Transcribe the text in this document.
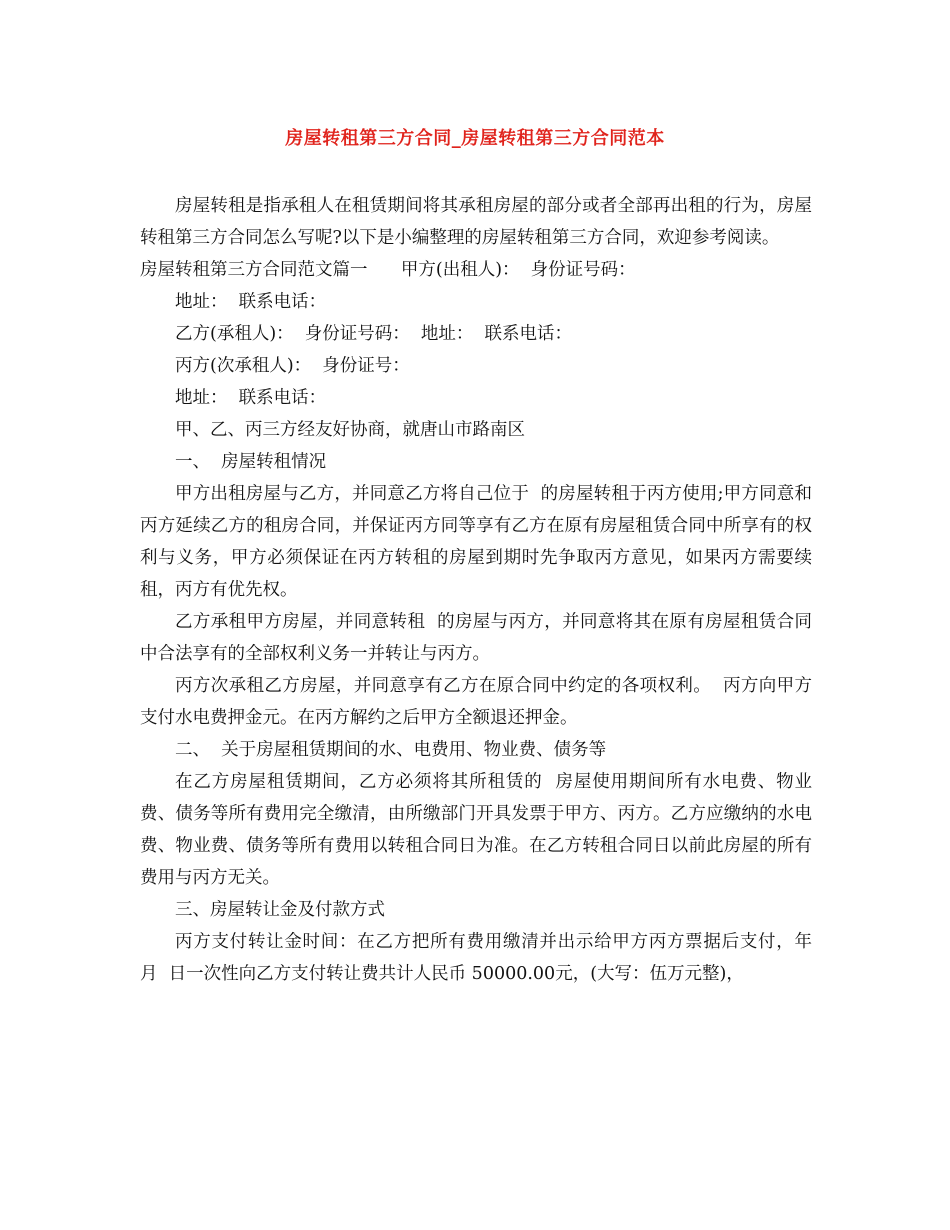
房屋转租第三方合同_房屋转租第三方合同范本

房屋转租是指承租人在租赁期间将其承租房屋的部分或者全部再出租的行为，房屋转租第三方合同怎么写呢?以下是小编整理的房屋转租第三方合同，欢迎参考阅读。

房屋转租第三方合同范文篇一      甲方(出租人)：  身份证号码：

地址：  联系电话：

乙方(承租人)：  身份证号码：  地址：  联系电话：

丙方(次承租人)：  身份证号：

地址：  联系电话：

甲、乙、丙三方经友好协商，就唐山市路南区

一、  房屋转租情况

甲方出租房屋与乙方，并同意乙方将自己位于  的房屋转租于丙方使用;甲方同意和丙方延续乙方的租房合同，并保证丙方同等享有乙方在原有房屋租赁合同中所享有的权利与义务，甲方必须保证在丙方转租的房屋到期时先争取丙方意见，如果丙方需要续租，丙方有优先权。

乙方承租甲方房屋，并同意转租  的房屋与丙方，并同意将其在原有房屋租赁合同中合法享有的全部权利义务一并转让与丙方。

丙方次承租乙方房屋，并同意享有乙方在原合同中约定的各项权利。  丙方向甲方支付水电费押金元。在丙方解约之后甲方全额退还押金。

二、  关于房屋租赁期间的水、电费用、物业费、债务等

在乙方房屋租赁期间，乙方必须将其所租赁的  房屋使用期间所有水电费、物业费、债务等所有费用完全缴清，由所缴部门开具发票于甲方、丙方。乙方应缴纳的水电费、物业费、债务等所有费用以转租合同日为准。在乙方转租合同日以前此房屋的所有费用与丙方无关。

三、房屋转让金及付款方式

丙方支付转让金时间：在乙方把所有费用缴清并出示给甲方丙方票据后支付，年  月  日一次性向乙方支付转让费共计人民币 50000.00元，(大写：伍万元整)，
